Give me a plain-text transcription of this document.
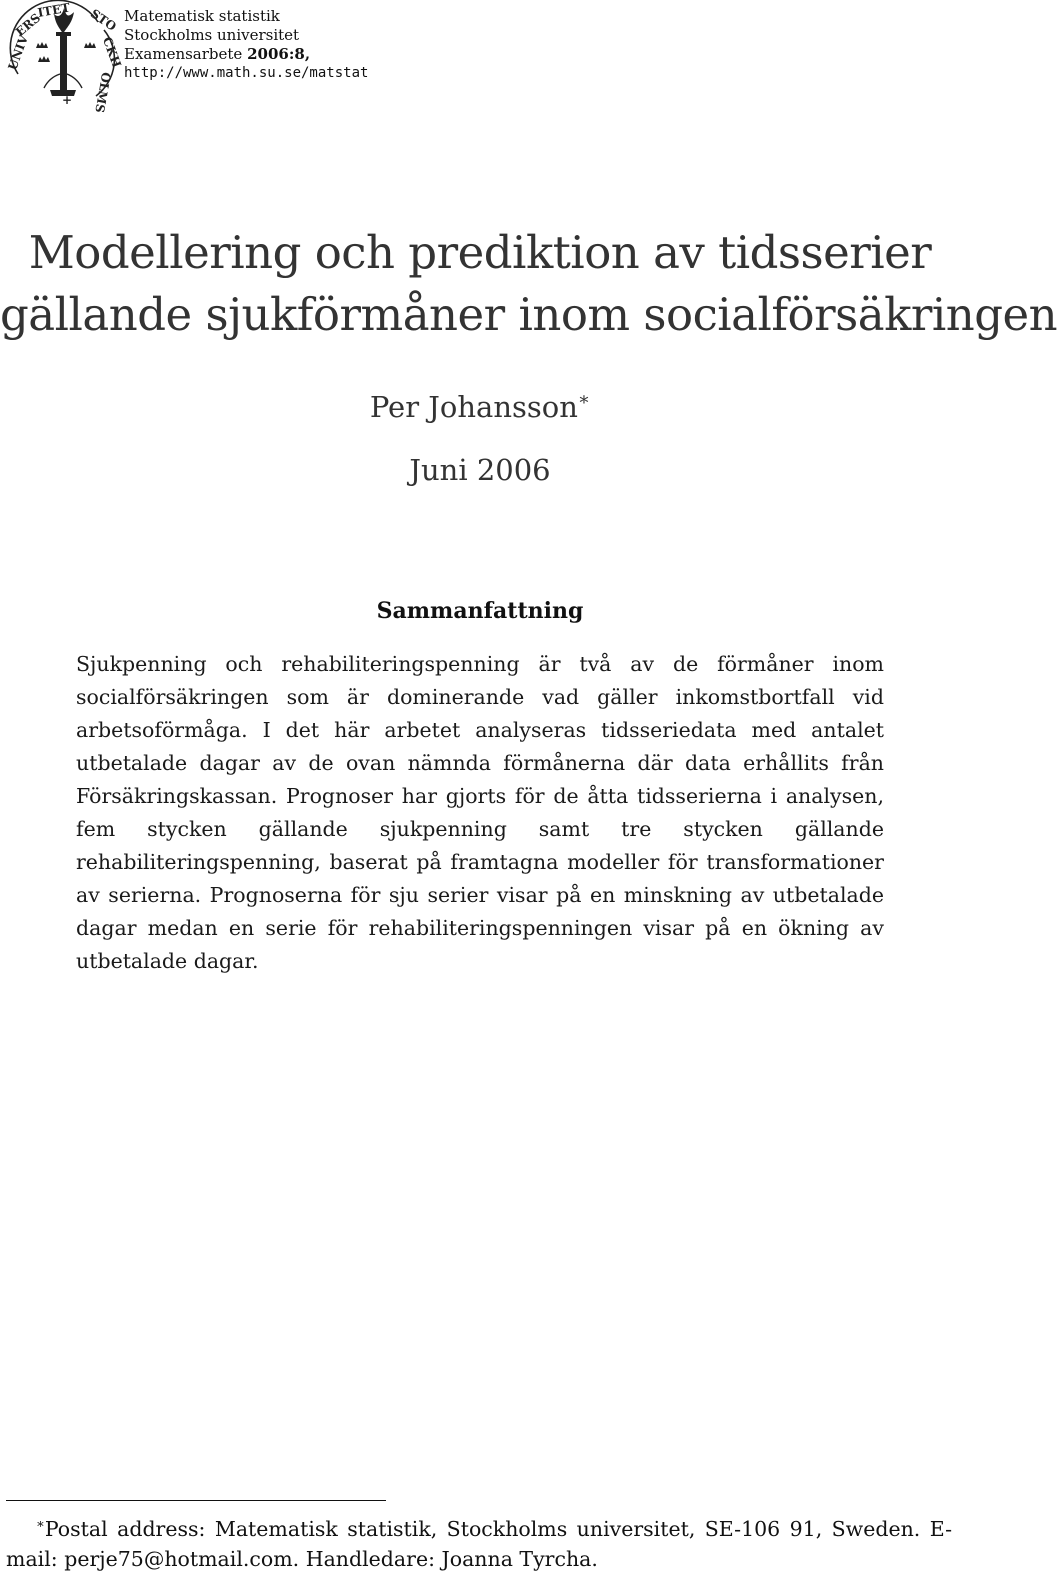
UNIV
ERS
ITET STO
CKH
OLMS
+
Matematisk statistik
Stockholms universitet
Examensarbete 2006:8,
http://www.math.su.se/matstat
Modellering och prediktion av tidsserier
gällande sjukförmåner inom socialförsäkringen
Per Johansson∗
Juni 2006
Sammanfattning

Sjukpenning och rehabiliteringspenning är två av de förmåner inom socialförsäkringen som är dominerande vad gäller inkomstbortfall vid arbetsoförmåga. I det här arbetet analyseras tidsseriedata med antalet utbetalade dagar av de ovan nämnda förmånerna där data erhållits från Försäkringskassan. Prognoser har gjorts för de åtta tidsserierna i analysen, fem stycken gällande sjukpenning samt tre stycken gällande rehabiliteringspenning, baserat på framtagna modeller för transformationer av serierna. Prognoserna för sju serier visar på en minskning av utbetalade dagar medan en serie för rehabiliteringspenningen visar på en ökning av utbetalade dagar.

∗Postal address: Matematisk statistik, Stockholms universitet, SE-106 91, Sweden. E-mail: perje75@hotmail.com. Handledare: Joanna Tyrcha.
